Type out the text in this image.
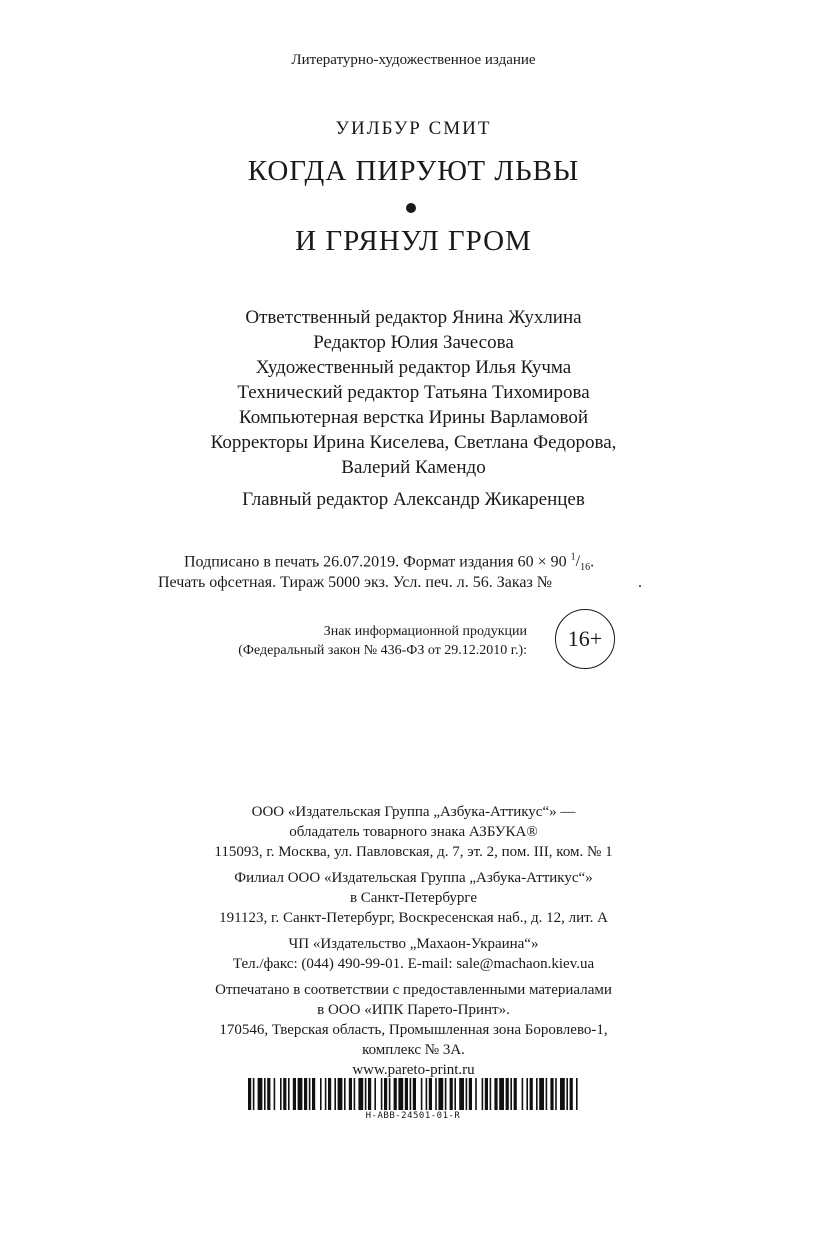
Литературно-художественное издание
УИЛБУР СМИТ
КОГДА ПИРУЮТ ЛЬВЫ
И ГРЯНУЛ ГРОМ
Ответственный редактор Янина Жухлина
Редактор Юлия Зачесова
Художественный редактор Илья Кучма
Технический редактор Татьяна Тихомирова
Компьютерная верстка Ирины Варламовой
Корректоры Ирина Киселева, Светлана Федорова,
Валерий Камендо
Главный редактор Александр Жикаренцев
Подписано в печать 26.07.2019. Формат издания 60 × 90 $^1/_{16}$.
Печать офсетная. Тираж 5000 экз. Усл. печ. л. 56. Заказ №	.
Знак информационной продукции
(Федеральный закон № 436-ФЗ от 29.12.2010 г.): 16+
ООО «Издательская Группа „Азбука-Аттикус“» —
обладатель товарного знака АЗБУКА®
115093, г. Москва, ул. Павловская, д. 7, эт. 2, пом. III, ком. № 1
Филиал ООО «Издательская Группа „Азбука-Аттикус“»
в Санкт-Петербурге
191123, г. Санкт-Петербург, Воскресенская наб., д. 12, лит. А
ЧП «Издательство „Махаон-Украина“»
Тел./факс: (044) 490-99-01. E-mail: sale@machaon.kiev.ua
Отпечатано в соответствии с предоставленными материалами
в ООО «ИПК Парето-Принт».
170546, Тверская область, Промышленная зона Боровлево-1,
комплекс № 3А.
www.pareto-print.ru
H-ABB-24501-01-R
